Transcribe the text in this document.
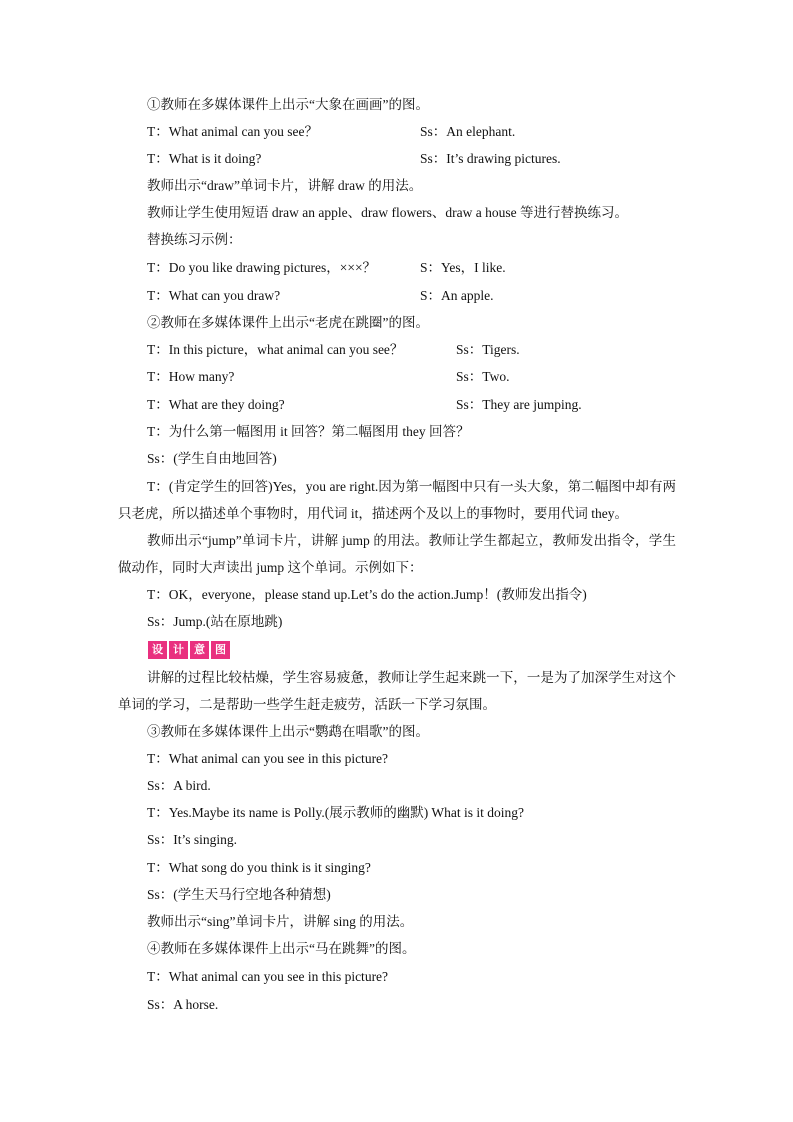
①教师在多媒体课件上出示“大象在画画”的图。
T：What animal can you see？	Ss：An elephant.
T：What is it doing?	Ss：It’s drawing pictures.
教师出示“draw”单词卡片，讲解 draw 的用法。
教师让学生使用短语 draw an apple、draw flowers、draw a house 等进行替换练习。
替换练习示例：
T：Do you like drawing pictures，×××？	S：Yes，I like.
T：What can you draw?	S：An apple.
②教师在多媒体课件上出示“老虎在跳圈”的图。
T：In this picture，what animal can you see？	Ss：Tigers.
T：How many?	Ss：Two.
T：What are they doing?	Ss：They are jumping.
T：为什么第一幅图用 it 回答？第二幅图用 they 回答？
Ss：(学生自由地回答)
T：(肯定学生的回答)Yes，you are right.因为第一幅图中只有一头大象，第二幅图中却有两只老虎，所以描述单个事物时，用代词 it，描述两个及以上的事物时，要用代词 they。
教师出示“jump”单词卡片，讲解 jump 的用法。教师让学生都起立，教师发出指令，学生做动作，同时大声读出 jump 这个单词。示例如下：
T：OK，everyone，please stand up.Let’s do the action.Jump！(教师发出指令)
Ss：Jump.(站在原地跳)
设 计 意 图
讲解的过程比较枯燥，学生容易疲惫，教师让学生起来跳一下，一是为了加深学生对这个单词的学习，二是帮助一些学生赶走疲劳，活跃一下学习氛围。
③教师在多媒体课件上出示“鹦鹉在唱歌”的图。
T：What animal can you see in this picture?
Ss：A bird.
T：Yes.Maybe its name is Polly.(展示教师的幽默) What is it doing?
Ss：It’s singing.
T：What song do you think is it singing?
Ss：(学生天马行空地各种猜想)
教师出示“sing”单词卡片，讲解 sing 的用法。
④教师在多媒体课件上出示“马在跳舞”的图。
T：What animal can you see in this picture?
Ss：A horse.
